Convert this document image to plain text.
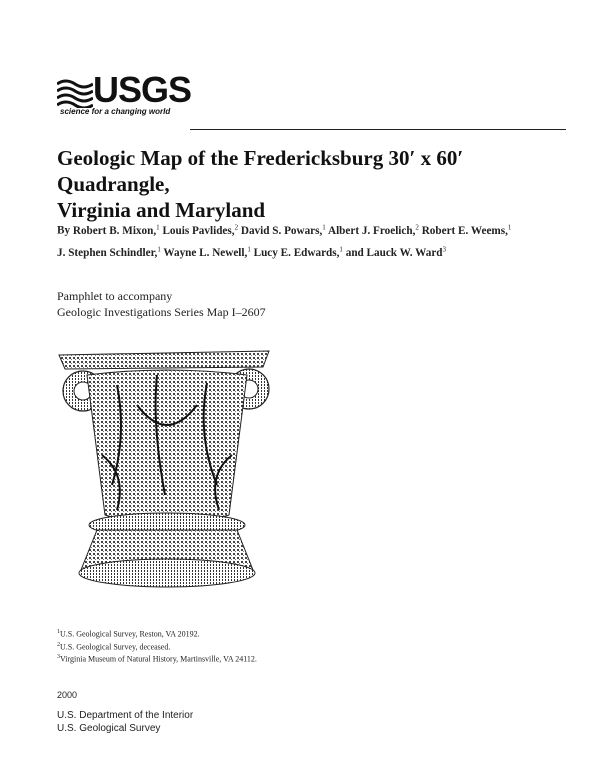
USGS
science for a changing world
Geologic Map of the Fredericksburg 30′ x 60′ Quadrangle,
Virginia and Maryland
By Robert B. Mixon,$^1$ Louis Pavlides,$^2$ David S. Powars,$^1$ Albert J. Froelich,$^2$ Robert E. Weems,$^1$
J. Stephen Schindler,$^1$ Wayne L. Newell,$^1$ Lucy E. Edwards,$^1$ and Lauck W. Ward$^3$
Pamphlet to accompany
Geologic Investigations Series Map I–2607
$^1$U.S. Geological Survey, Reston, VA 20192.
$^2$U.S. Geological Survey, deceased.
$^3$Virginia Museum of Natural History, Martinsville, VA 24112.
2000
U.S. Department of the Interior
U.S. Geological Survey
